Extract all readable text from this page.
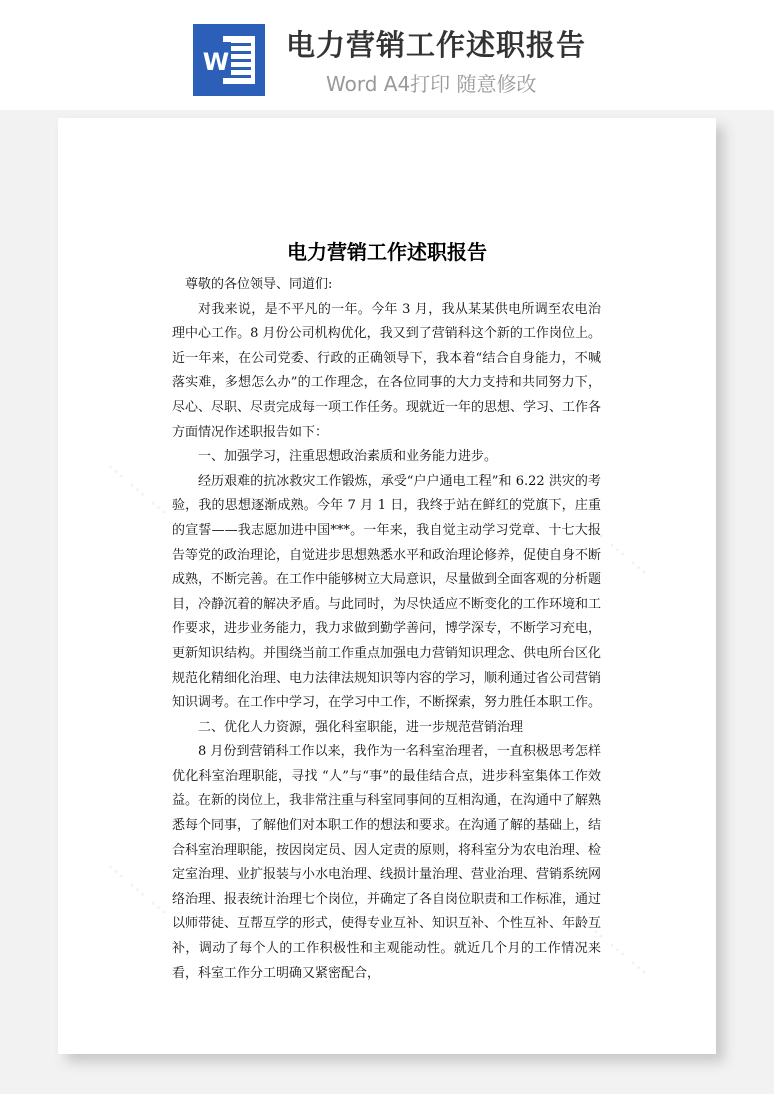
W 电力营销工作述职报告
Word A4打印 随意修改
··· ··· ···
··· ··· ···
··· ··· ···
··· ··· ···
电力营销工作述职报告

尊敬的各位领导、同道们:

对我来说，是不平凡的一年。今年 3 月，我从某某供电所调至农电治理中心工作。8 月份公司机构优化，我又到了营销科这个新的工作岗位上。近一年来，在公司党委、行政的正确领导下，我本着“结合自身能力，不喊落实难，多想怎么办”的工作理念，在各位同事的大力支持和共同努力下，尽心、尽职、尽责完成每一项工作任务。现就近一年的思想、学习、工作各方面情况作述职报告如下：

一、加强学习，注重思想政治素质和业务能力进步。

经历艰难的抗冰救灾工作锻炼，承受“户户通电工程”和 6.22 洪灾的考验，我的思想逐渐成熟。今年 7 月 1 日，我终于站在鲜红的党旗下，庄重的宣誓——我志愿加进中国***。一年来，我自觉主动学习党章、十七大报告等党的政治理论，自觉进步思想熟悉水平和政治理论修养，促使自身不断成熟，不断完善。在工作中能够树立大局意识，尽量做到全面客观的分析题目，冷静沉着的解决矛盾。与此同时，为尽快适应不断变化的工作环境和工作要求，进步业务能力，我力求做到勤学善问，博学深专，不断学习充电，更新知识结构。并围绕当前工作重点加强电力营销知识理念、供电所台区化规范化精细化治理、电力法律法规知识等内容的学习，顺利通过省公司营销知识调考。在工作中学习，在学习中工作，不断探索，努力胜任本职工作。

二、优化人力资源，强化科室职能，进一步规范营销治理

8 月份到营销科工作以来，我作为一名科室治理者，一直积极思考怎样优化科室治理职能，寻找 “人”与“事”的最佳结合点，进步科室集体工作效益。在新的岗位上，我非常注重与科室同事间的互相沟通，在沟通中了解熟悉每个同事，了解他们对本职工作的想法和要求。在沟通了解的基础上，结合科室治理职能，按因岗定员、因人定责的原则，将科室分为农电治理、检定室治理、业扩报装与小水电治理、线损计量治理、营业治理、营销系统网络治理、报表统计治理七个岗位，并确定了各自岗位职责和工作标准，通过以师带徒、互帮互学的形式，使得专业互补、知识互补、个性互补、年龄互补，调动了每个人的工作积极性和主观能动性。就近几个月的工作情况来看，科室工作分工明确又紧密配合，
